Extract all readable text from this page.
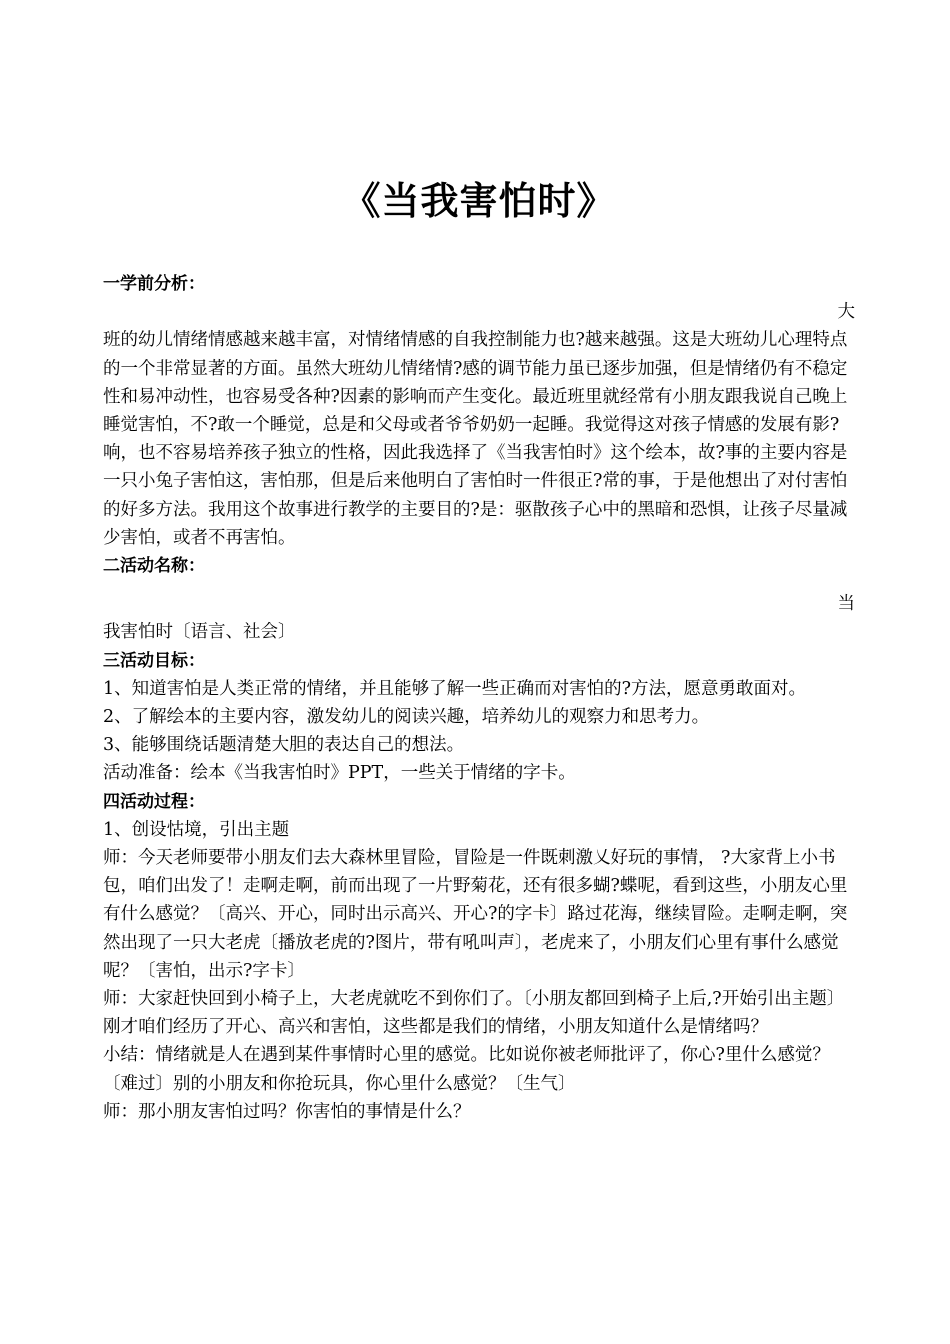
《当我害怕时》

一学前分析：

大

班的幼儿情绪情感越来越丰富，对情绪情感的自我控制能力也?越来越强。这是大班幼儿心理特点的一个非常显著的方面。虽然大班幼儿情绪情?感的调节能力虽已逐步加强，但是情绪仍有不稳定性和易冲动性，也容易受各种?因素的影响而产生变化。最近班里就经常有小朋友跟我说自己晚上睡觉害怕，不?敢一个睡觉，总是和父母或者爷爷奶奶一起睡。我觉得这对孩子情感的发展有影?响，也不容易培养孩子独立的性格，因此我选择了《当我害怕时》这个绘本，故?事的主要内容是一只小兔子害怕这，害怕那，但是后来他明白了害怕时一件很正?常的事，于是他想出了对付害怕的好多方法。我用这个故事进行教学的主要目的?是：驱散孩子心中的黑暗和恐惧，让孩子尽量减少害怕，或者不再害怕。

二活动名称：

当

我害怕时〔语言、社会〕

三活动目标：

1、知道害怕是人类正常的情绪，并且能够了解一些正确而对害怕的?方法，愿意勇敢面对。

2、了解绘本的主要内容，激发幼儿的阅读兴趣，培养幼儿的观察力和思考力。

3、能够围绕话题清楚大胆的表达自己的想法。

活动准备：绘本《当我害怕时》PPT，一些关于情绪的字卡。

四活动过程：

1、创设怙境，引出主题

师：今天老师要带小朋友们去大森林里冒险，冒险是一件既刺激乂好玩的事情， ?大家背上小书包，咱们出发了！走啊走啊，前而出现了一片野菊花，还有很多蝴?蝶呢，看到这些，小朋友心里有什么感觉？〔高兴、开心，同时出示高兴、开心?的字卡〕路过花海，继续冒险。走啊走啊，突然出现了一只大老虎〔播放老虎的?图片，带有吼叫声〕，老虎来了，小朋友们心里有事什么感觉呢？〔害怕，出示?字卡〕

师：大家赶快回到小椅子上，大老虎就吃不到你们了。〔小朋友都回到椅子上后,?开始引出主题〕刚才咱们经历了开心、高兴和害怕，这些都是我们的情绪，小朋友知道什么是情绪吗？

小结：情绪就是人在遇到某件事情时心里的感觉。比如说你被老师批评了，你心?里什么感觉？〔难过〕别的小朋友和你抢玩具，你心里什么感觉？〔生气〕

师：那小朋友害怕过吗？你害怕的事情是什么？
